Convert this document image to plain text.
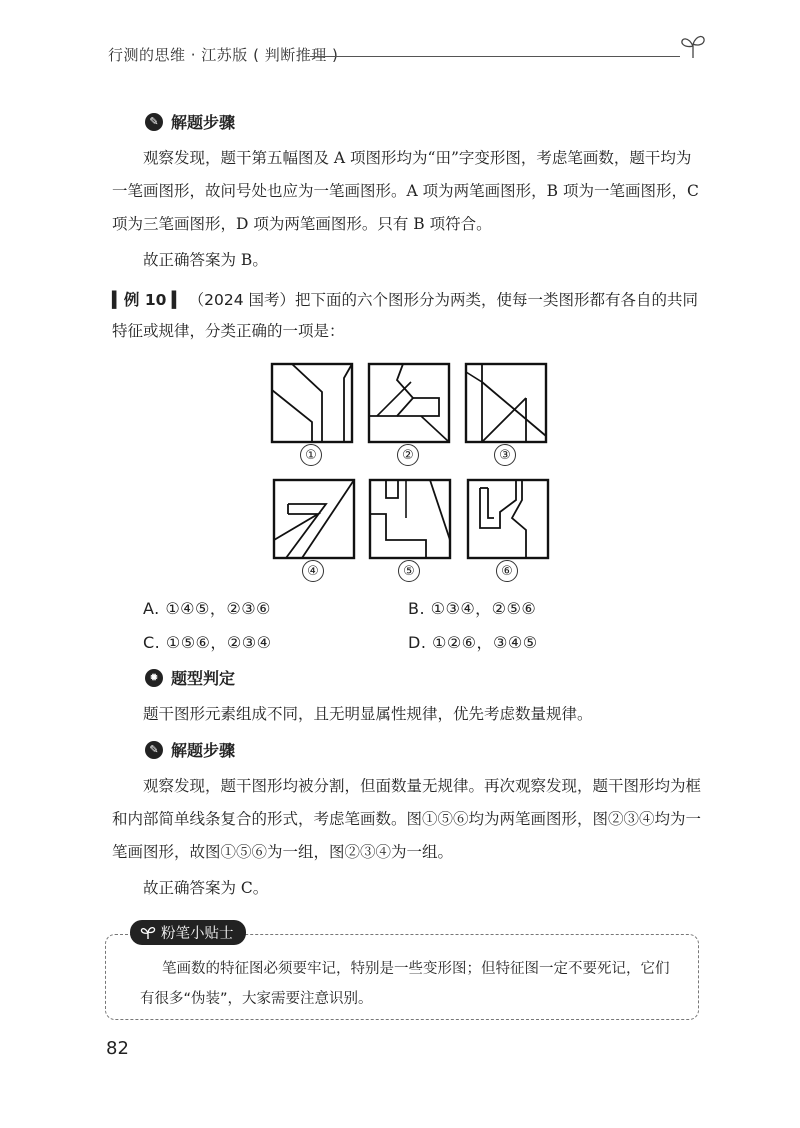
行测的思维 · 江苏版 ( 判断推理 )
✎ 解题步骤
观察发现，题干第五幅图及 A 项图形均为“田”字变形图，考虑笔画数，题干均为一笔画图形，故问号处也应为一笔画图形。A 项为两笔画图形，B 项为一笔画图形，C 项为三笔画图形，D 项为两笔画图形。只有 B 项符合。
故正确答案为 B。
▍例 10 ▍ （2024 国考）把下面的六个图形分为两类，使每一类图形都有各自的共同特征或规律，分类正确的一项是：
①	②	③
④	⑤	⑥
A. ①④⑤，②③⑥	B. ①③④，②⑤⑥
C. ①⑤⑥，②③④	D. ①②⑥，③④⑤
✹ 题型判定
题干图形元素组成不同，且无明显属性规律，优先考虑数量规律。
✎ 解题步骤
观察发现，题干图形均被分割，但面数量无规律。再次观察发现，题干图形均为框和内部简单线条复合的形式，考虑笔画数。图①⑤⑥均为两笔画图形，图②③④均为一笔画图形，故图①⑤⑥为一组，图②③④为一组。
故正确答案为 C。
粉笔小贴士
笔画数的特征图必须要牢记，特别是一些变形图；但特征图一定不要死记，它们有很多“伪装”，大家需要注意识别。
82
